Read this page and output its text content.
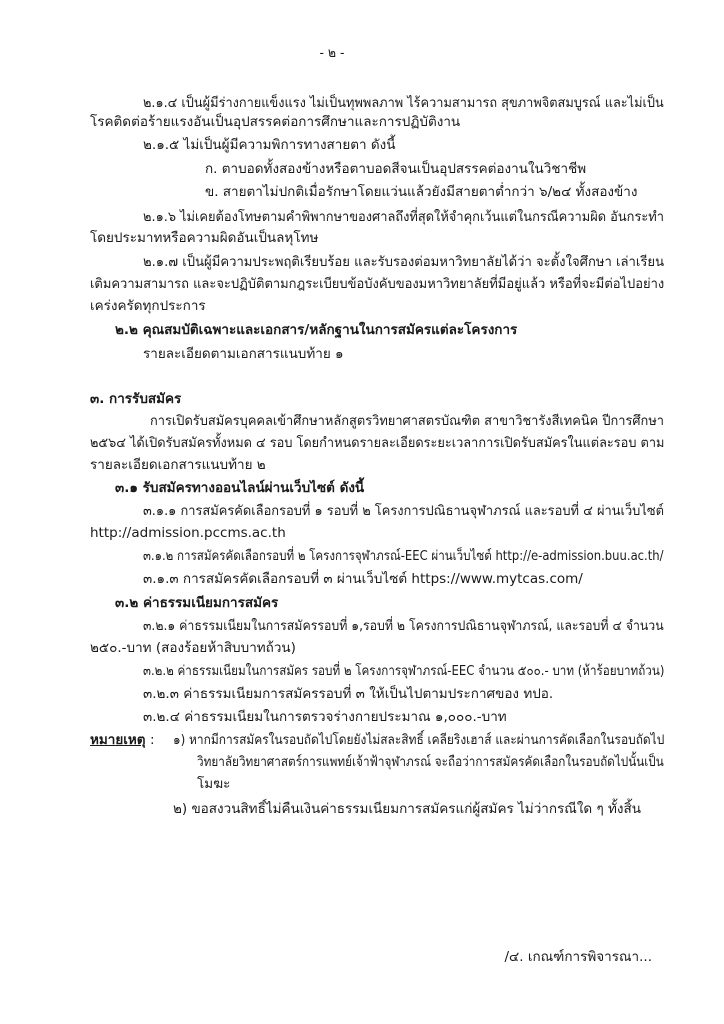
- ๒ -
๒.๑.๔ เป็นผู้มีร่างกายแข็งแรง ไม่เป็นทุพพลภาพ ไร้ความสามารถ สุขภาพจิตสมบูรณ์ และไม่เป็น
โรคติดต่อร้ายแรงอันเป็นอุปสรรคต่อการศึกษาและการปฏิบัติงาน
๒.๑.๕ ไม่เป็นผู้มีความพิการทางสายตา ดังนี้
ก. ตาบอดทั้งสองข้างหรือตาบอดสีจนเป็นอุปสรรคต่องานในวิชาชีพ
ข. สายตาไม่ปกติเมื่อรักษาโดยแว่นแล้วยังมีสายตาต่ำกว่า ๖/๒๔ ทั้งสองข้าง
๒.๑.๖ ไม่เคยต้องโทษตามคำพิพากษาของศาลถึงที่สุดให้จำคุกเว้นแต่ในกรณีความผิด อันกระทำ
โดยประมาทหรือความผิดอันเป็นลหุโทษ
๒.๑.๗ เป็นผู้มีความประพฤติเรียบร้อย และรับรองต่อมหาวิทยาลัยได้ว่า จะตั้งใจศึกษา เล่าเรียน
เติมความสามารถ และจะปฏิบัติตามกฎระเบียบข้อบังคับของมหาวิทยาลัยที่มีอยู่แล้ว หรือที่จะมีต่อไปอย่าง
เคร่งครัดทุกประการ
๒.๒ คุณสมบัติเฉพาะและเอกสาร/หลักฐานในการสมัครแต่ละโครงการ
รายละเอียดตามเอกสารแนบท้าย ๑
๓. การรับสมัคร
การเปิดรับสมัครบุคคลเข้าศึกษาหลักสูตรวิทยาศาสตรบัณฑิต สาขาวิชารังสีเทคนิค ปีการศึกษา
๒๕๖๔ ได้เปิดรับสมัครทั้งหมด ๔ รอบ โดยกำหนดรายละเอียดระยะเวลาการเปิดรับสมัครในแต่ละรอบ ตาม
รายละเอียดเอกสารแนบท้าย ๒
๓.๑ รับสมัครทางออนไลน์ผ่านเว็บไซต์ ดังนี้
๓.๑.๑ การสมัครคัดเลือกรอบที่ ๑ รอบที่ ๒ โครงการปณิธานจุฬาภรณ์ และรอบที่ ๔ ผ่านเว็บไซต์
http://admission.pccms.ac.th
๓.๑.๒ การสมัครคัดเลือกรอบที่ ๒ โครงการจุฬาภรณ์-EEC ผ่านเว็บไซต์ http://e-admission.buu.ac.th/
๓.๑.๓ การสมัครคัดเลือกรอบที่ ๓ ผ่านเว็บไซต์ https://www.mytcas.com/
๓.๒ ค่าธรรมเนียมการสมัคร
๓.๒.๑ ค่าธรรมเนียมในการสมัครรอบที่ ๑,รอบที่ ๒ โครงการปณิธานจุฬาภรณ์, และรอบที่ ๔ จำนวน
๒๕๐.-บาท (สองร้อยห้าสิบบาทถ้วน)
๓.๒.๒ ค่าธรรมเนียมในการสมัคร รอบที่ ๒ โครงการจุฬาภรณ์-EEC จำนวน ๕๐๐.- บาท (ห้าร้อยบาทถ้วน)
๓.๒.๓ ค่าธรรมเนียมการสมัครรอบที่ ๓ ให้เป็นไปตามประกาศของ ทปอ.
๓.๒.๔ ค่าธรรมเนียมในการตรวจร่างกายประมาณ ๑,๐๐๐.-บาท
หมายเหตุ : ๑) หากมีการสมัครในรอบถัดไปโดยยังไม่สละสิทธิ์ เคลียริงเฮาส์ และผ่านการคัดเลือกในรอบถัดไป
วิทยาลัยวิทยาศาสตร์การแพทย์เจ้าฟ้าจุฬาภรณ์ จะถือว่าการสมัครคัดเลือกในรอบถัดไปนั้นเป็น
โมฆะ
๒) ขอสงวนสิทธิ์ไม่คืนเงินค่าธรรมเนียมการสมัครแก่ผู้สมัคร ไม่ว่ากรณีใด ๆ ทั้งสิ้น
/๔. เกณฑ์การพิจารณา...
